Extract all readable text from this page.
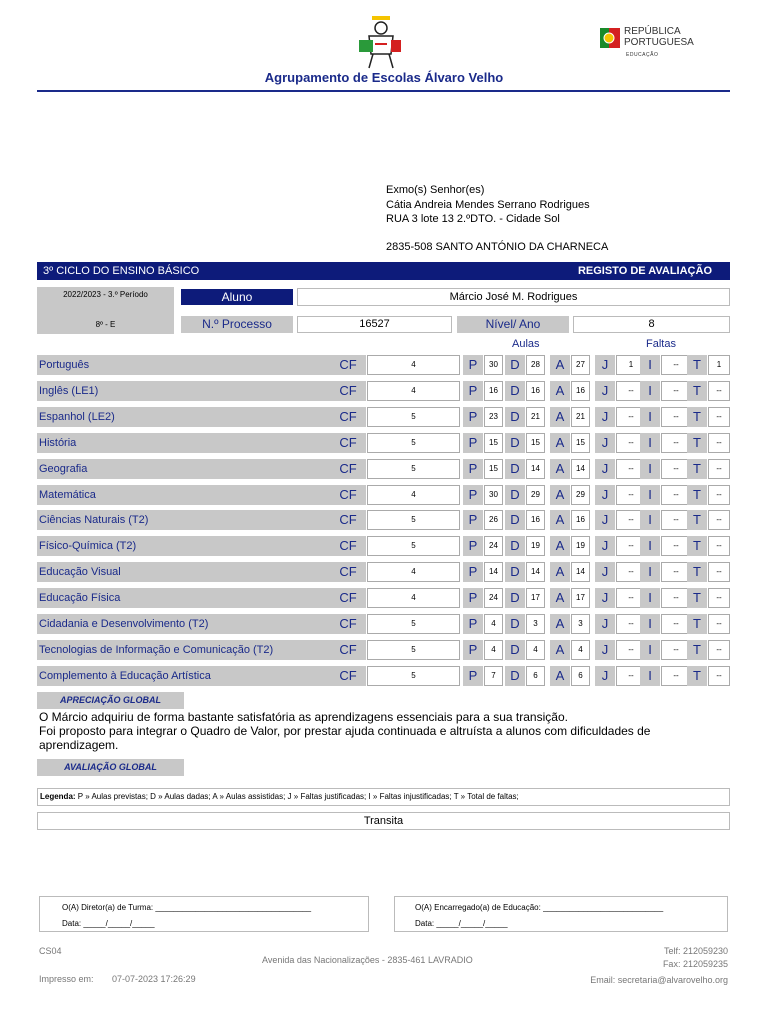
Agrupamento de Escolas Álvaro Velho
REPÚBLICA
PORTUGUESA
EDUCAÇÃO
Exmo(s) Senhor(es)
Cátia Andreia Mendes Serrano Rodrigues
RUA 3 lote 13 2.ºDTO. - Cidade Sol
2835-508 SANTO ANTÓNIO DA CHARNECA
3º CICLO DO ENSINO BÁSICO	REGISTO DE AVALIAÇÃO
2022/2023 - 3.º Período
8º - E
Aluno	Márcio José M. Rodrigues
N.º Processo	16527	Nível/ Ano	8
Aulas	Faltas
Português	CF	4	P	30 D	28	A	27	J	1	I	--	T	1
Inglês (LE1)	CF	4	P	16 D	16	A	16	J	--	I	--	T	--
Espanhol (LE2)	CF	5	P	23 D	21	A	21	J	--	I	--	T	--
História	CF	5	P	15 D	15	A	15	J	--	I	--	T	--
Geografia	CF	5	P	15 D	14	A	14	J	--	I	--	T	--
Matemática	CF	4	P	30 D	29	A	29	J	--	I	--	T	--
Ciências Naturais (T2)	CF	5	P	26 D	16	A	16	J	--	I	--	T	--
Físico-Química (T2)	CF	5	P	24 D	19	A	19	J	--	I	--	T	--
Educação Visual	CF	4	P	14 D	14	A	14	J	--	I	--	T	--
Educação Física	CF	4	P	24 D	17	A	17	J	--	I	--	T	--
Cidadania e Desenvolvimento (T2)	CF	5	P	4	D	3	A	3	J	--	I	--	T	--
Tecnologias de Informação e Comunicação (T2)	CF	5	P	4	D	4	A	4	J	--	I	--	T	--
Complemento à Educação Artística	CF	5	P	7	D	6	A	6	J	--	I	--	T	--
APRECIAÇÃO GLOBAL
O Márcio adquiriu de forma bastante satisfatória as aprendizagens essenciais para a sua transição.
Foi proposto para integrar o Quadro de Valor, por prestar ajuda continuada e altruísta a alunos com dificuldades de aprendizagem.
AVALIAÇÃO GLOBAL
Legenda: P » Aulas previstas; D » Aulas dadas; A » Aulas assistidas; J » Faltas justificadas; I » Faltas injustificadas; T » Total de faltas;
Transita
O(A) Diretor(a) de Turma: ___________________________________
Data: _____/_____/_____
O(A) Encarregado(a) de Educação: ___________________________
Data: _____/_____/_____
CS04
Impresso em: 07-07-2023 17:26:29
Avenida das Nacionalizações - 2835-461 LAVRADIO
Telf: 212059230
Fax: 212059235
Email: secretaria@alvarovelho.org
